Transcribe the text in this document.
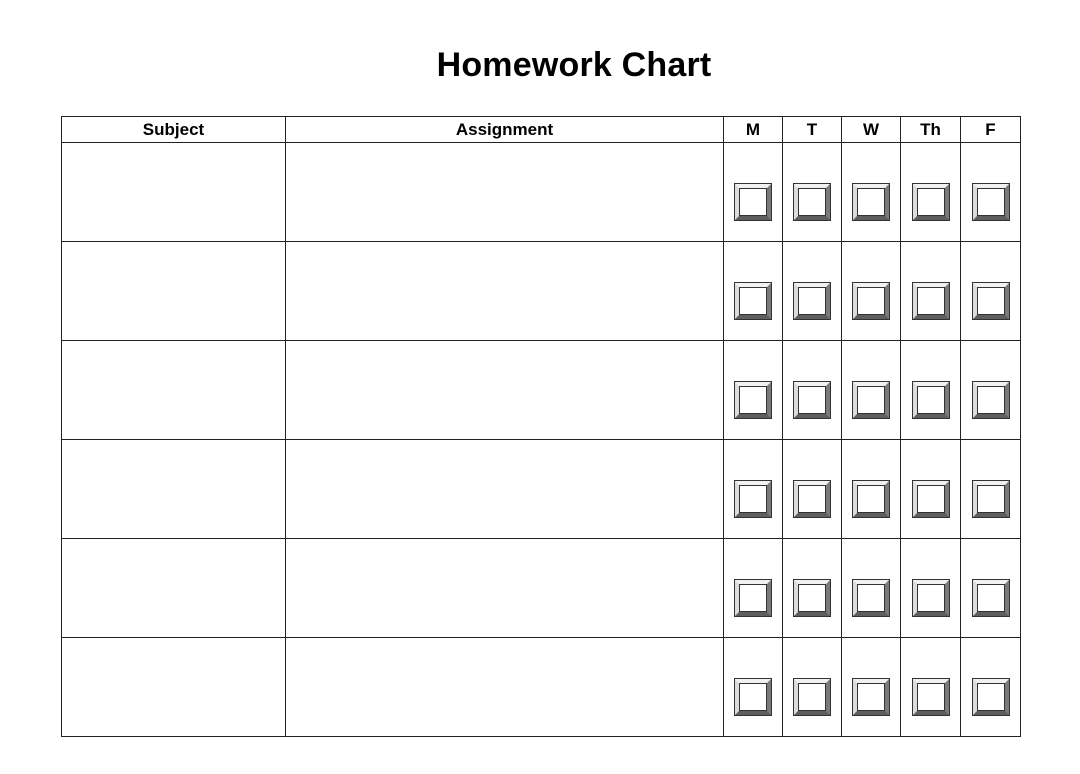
Homework Chart
Subject	Assignment	M	T	W	Th	F
